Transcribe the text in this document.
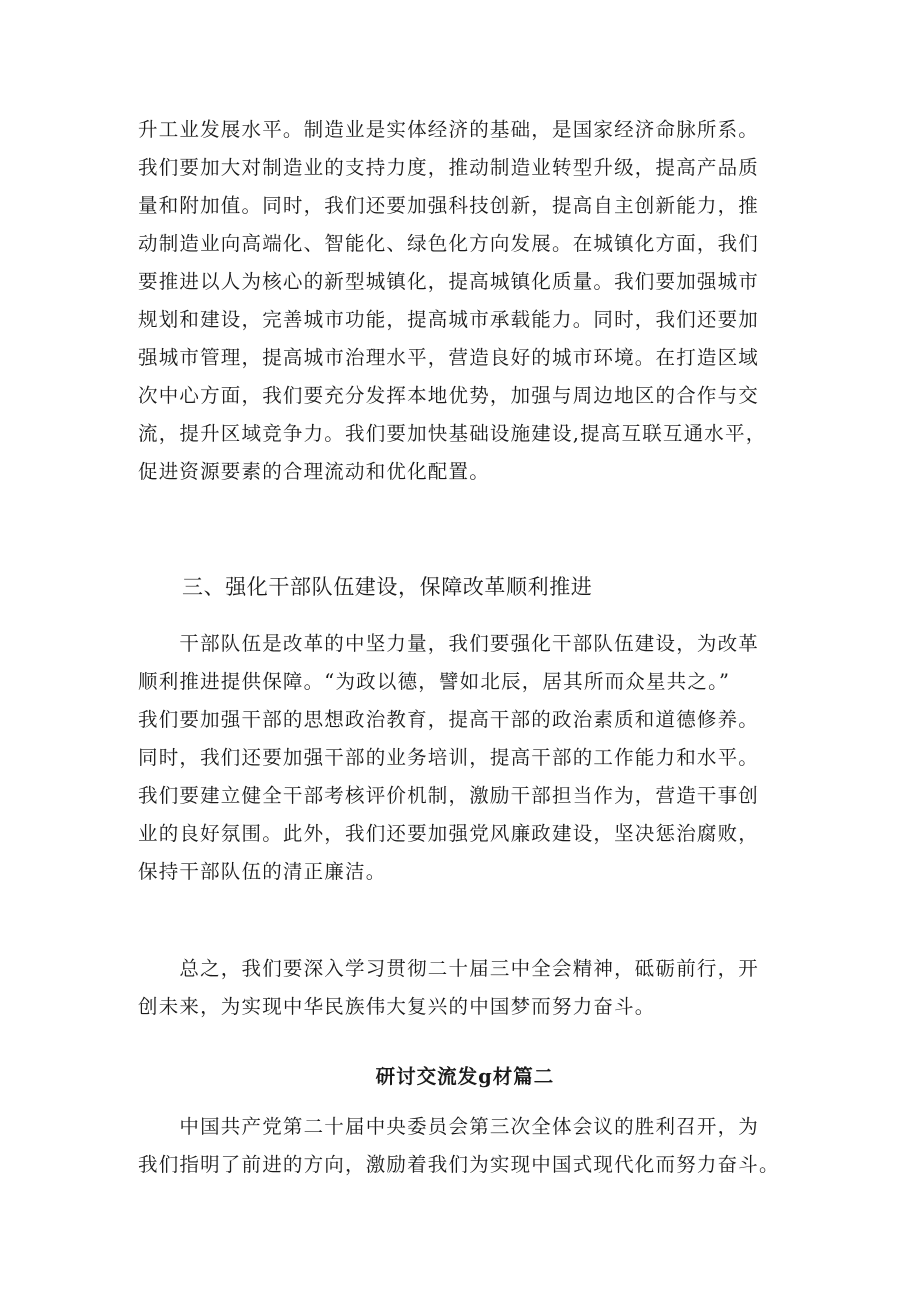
升工业发展水平。制造业是实体经济的基础，是国家经济命脉所系。
我们要加大对制造业的支持力度，推动制造业转型升级，提高产品质
量和附加值。同时，我们还要加强科技创新，提高自主创新能力，推
动制造业向高端化、智能化、绿色化方向发展。在城镇化方面，我们
要推进以人为核心的新型城镇化，提高城镇化质量。我们要加强城市
规划和建设，完善城市功能，提高城市承载能力。同时，我们还要加
强城市管理，提高城市治理水平，营造良好的城市环境。在打造区域
次中心方面，我们要充分发挥本地优势，加强与周边地区的合作与交
流，提升区域竞争力。我们要加快基础设施建设,提高互联互通水平，
促进资源要素的合理流动和优化配置。
三、强化干部队伍建设，保障改革顺利推进
　　干部队伍是改革的中坚力量，我们要强化干部队伍建设，为改革
顺利推进提供保障。“为政以德，譬如北辰，居其所而众星共之。”
我们要加强干部的思想政治教育，提高干部的政治素质和道德修养。
同时，我们还要加强干部的业务培训，提高干部的工作能力和水平。
我们要建立健全干部考核评价机制，激励干部担当作为，营造干事创
业的良好氛围。此外，我们还要加强党风廉政建设，坚决惩治腐败，
保持干部队伍的清正廉洁。
　　总之，我们要深入学习贯彻二十届三中全会精神，砥砺前行，开
创未来，为实现中华民族伟大复兴的中国梦而努力奋斗。
研讨交流发g材篇二
　　中国共产党第二十届中央委员会第三次全体会议的胜利召开，为
我们指明了前进的方向，激励着我们为实现中国式现代化而努力奋斗。
